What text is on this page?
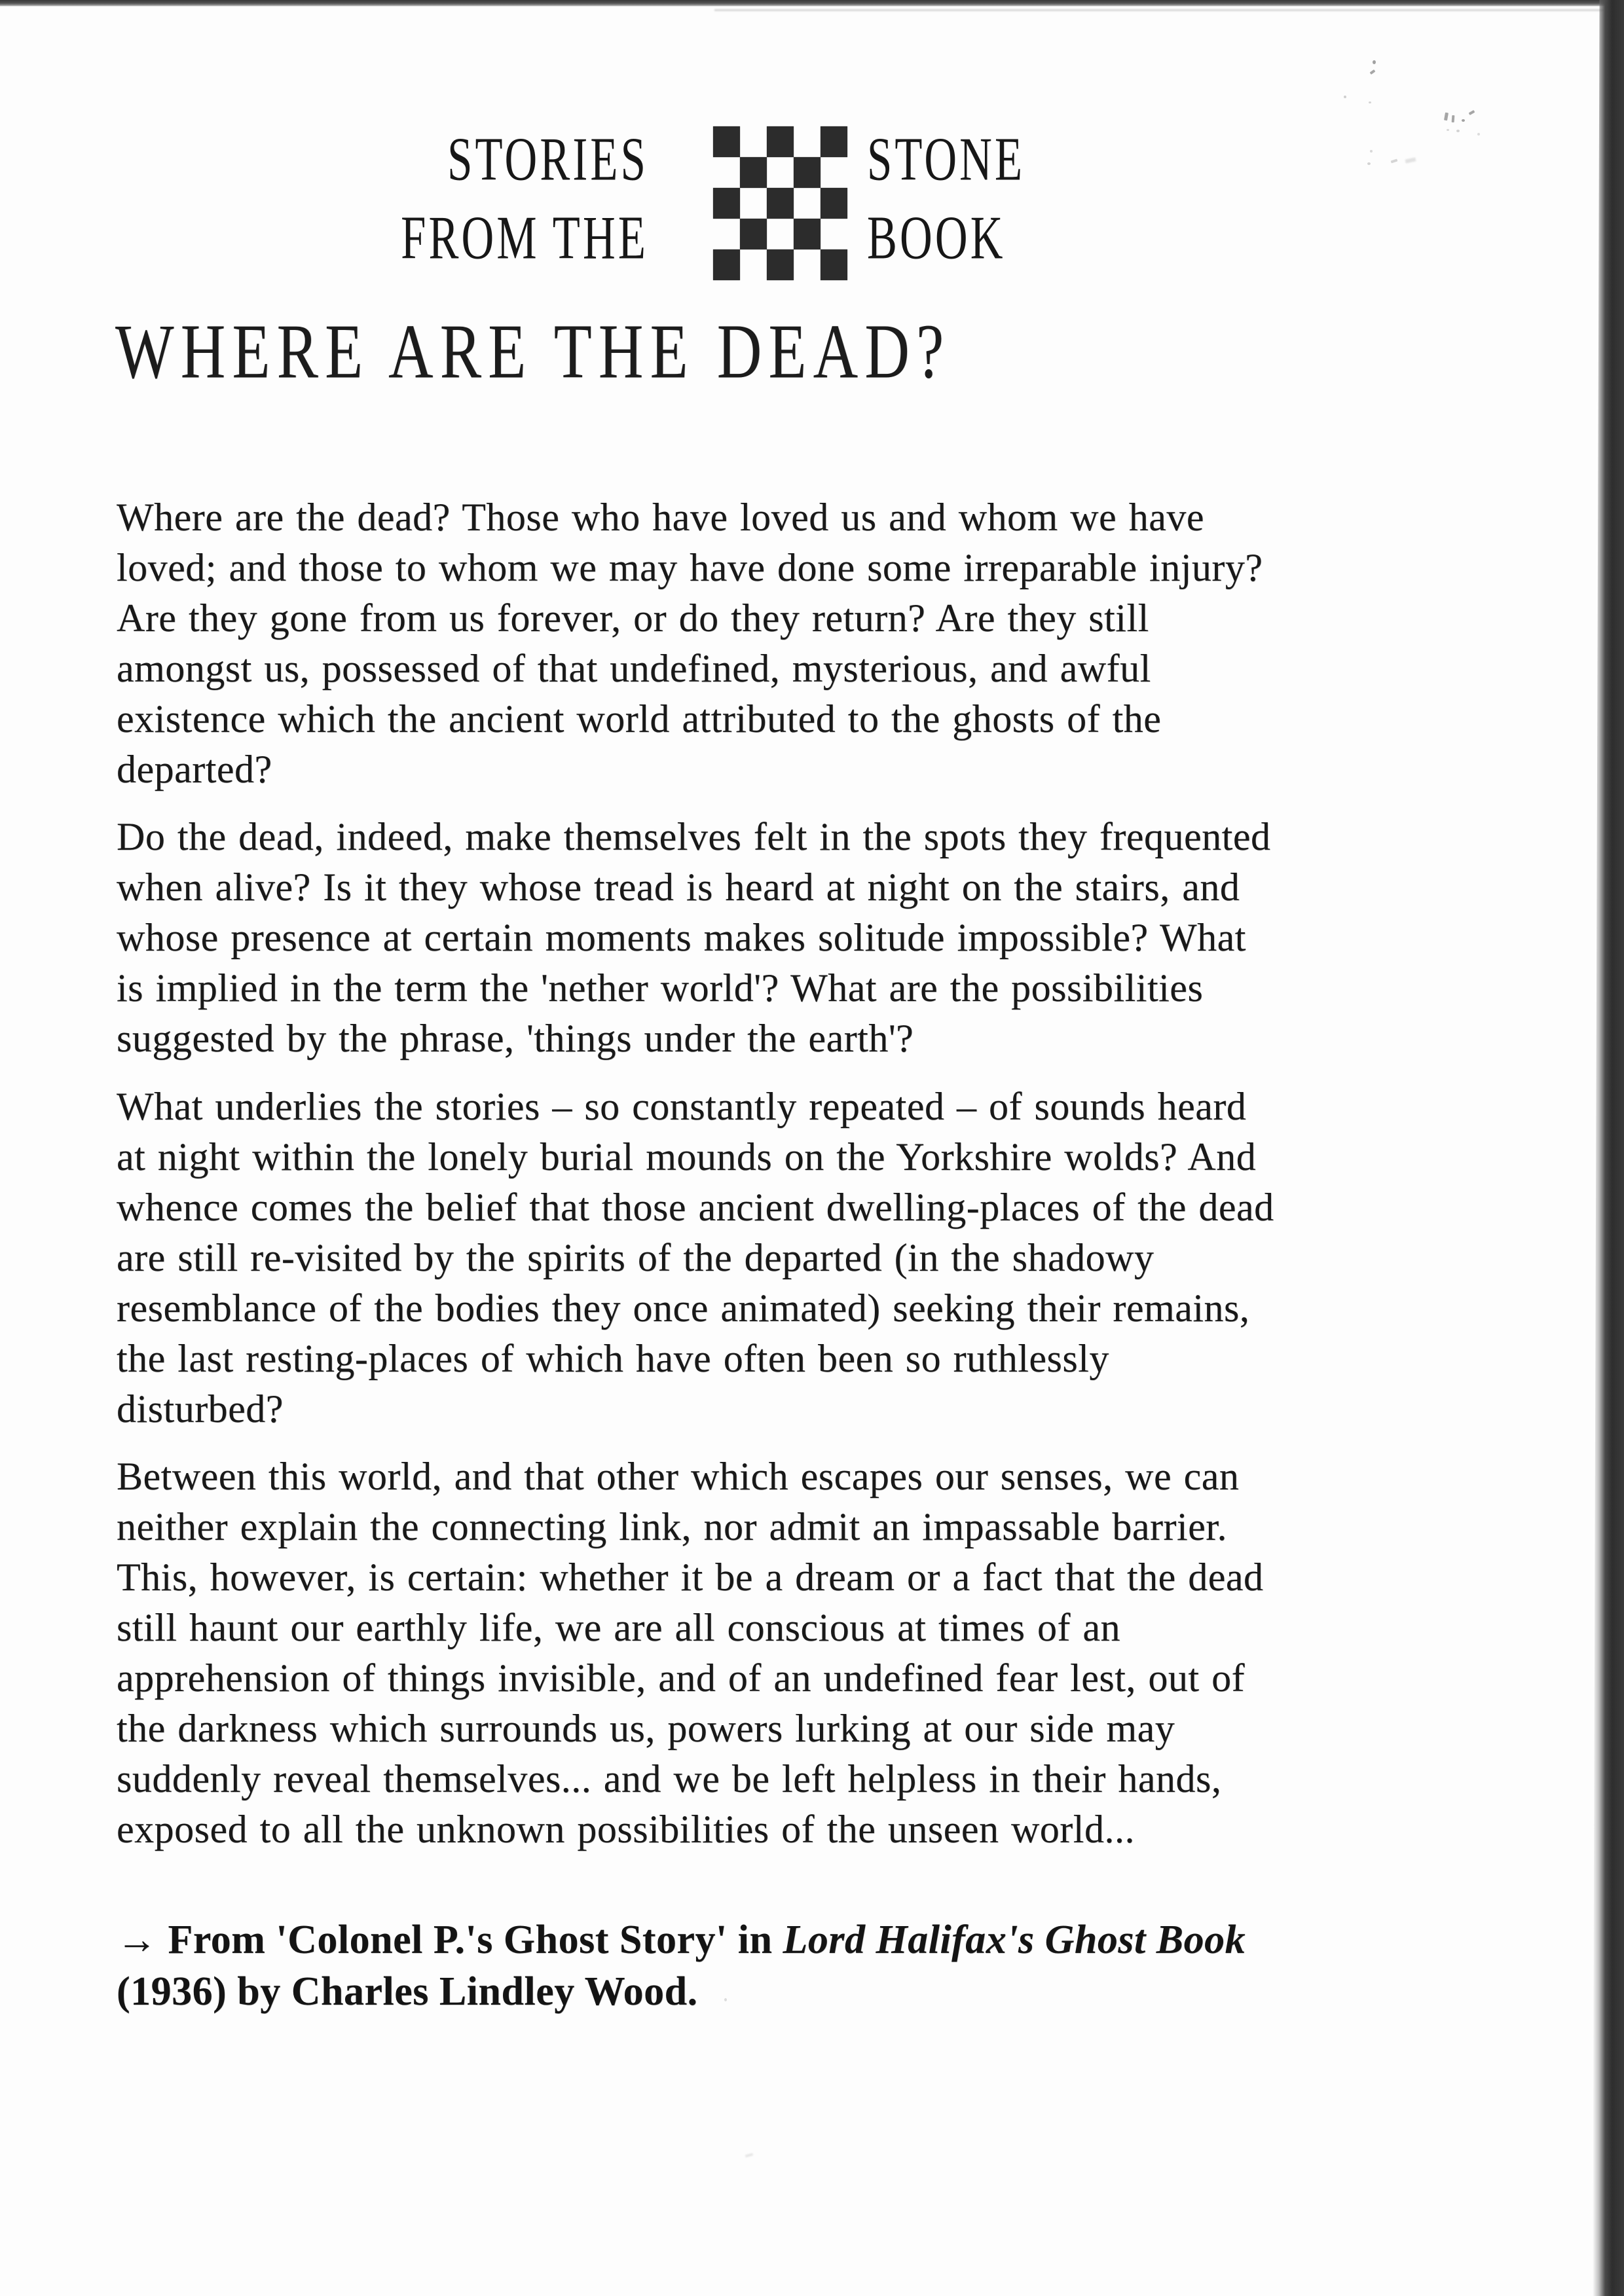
STORIES
FROM THE
STONE
BOOK
WHERE ARE THE DEAD?
Where are the dead? Those who have loved us and whom we have
loved; and those to whom we may have done some irreparable injury?
Are they gone from us forever, or do they return? Are they still
amongst us, possessed of that undefined, mysterious, and awful
existence which the ancient world attributed to the ghosts of the
departed?
Do the dead, indeed, make themselves felt in the spots they frequented
when alive? Is it they whose tread is heard at night on the stairs, and
whose presence at certain moments makes solitude impossible? What
is implied in the term the 'nether world'? What are the possibilities
suggested by the phrase, 'things under the earth'?
What underlies the stories – so constantly repeated – of sounds heard
at night within the lonely burial mounds on the Yorkshire wolds? And
whence comes the belief that those ancient dwelling-places of the dead
are still re-visited by the spirits of the departed (in the shadowy
resemblance of the bodies they once animated) seeking their remains,
the last resting-places of which have often been so ruthlessly
disturbed?
Between this world, and that other which escapes our senses, we can
neither explain the connecting link, nor admit an impassable barrier.
This, however, is certain: whether it be a dream or a fact that the dead
still haunt our earthly life, we are all conscious at times of an
apprehension of things invisible, and of an undefined fear lest, out of
the darkness which surrounds us, powers lurking at our side may
suddenly reveal themselves... and we be left helpless in their hands,
exposed to all the unknown possibilities of the unseen world...

→ From 'Colonel P.'s Ghost Story' in Lord Halifax's Ghost Book
(1936) by Charles Lindley Wood.
